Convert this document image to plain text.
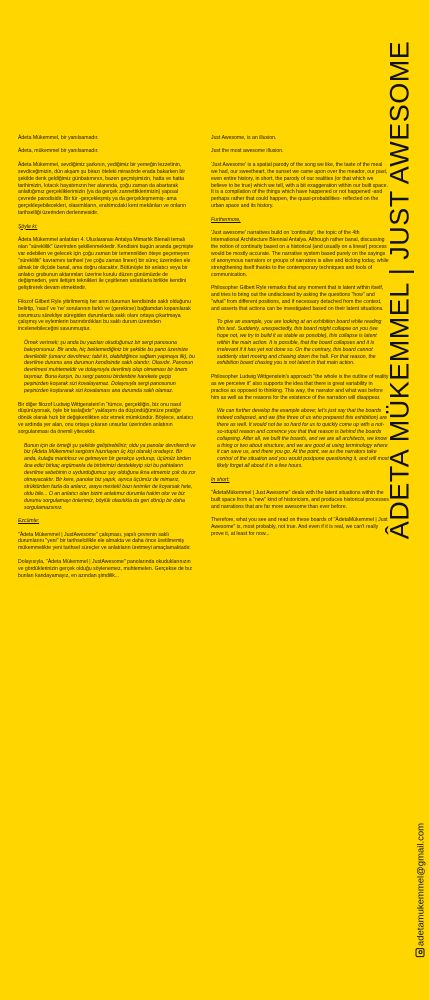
Âdeta Mükemmel, bir yanılsamadır.

Âdeta, mükemmel bir yanılsamadır.

Âdeta Mükemmel, sevdiğimiz şarkının, yediğimiz bir yemeğin lezzetinin, sevdiceğimizin, dün akşam şu birazı öteleki mirasörde erada bakarken bir şekilde denk geldiğimiz günbatımının, bazen geçmişimizin, hatta ve hatta tarihimizin, kıtacık hayatımızın her alanında, çoğu zaman da abartarak anlattığımız gerçekliklerimizin (ya da gerçek zannettiklerimizin) yapısal çevrede parodisidir. Bir tür -gerçekleşmiş ya da gerçekleşmemiş- ama gerçekleşebilecekleri, olasımlıların, erahimcdaki kent mekânları ve onların tarihselliği üzerinden derlenmesidir.

Şöyle ki:

Âdeta Mükemmel anlatıları 4. Uluslararası Antalya Mimarlık Bienali temalı olan "süreklilik" üzerinden şekillenmektedir. Kendisini bugün aranda geçmişte var edebilen ve gelecek için çoğu zaman bir temennilden öteye geçemeyen "süreklilik" kavramını tarihsel (ve çoğu zaman lineer) bir süreç üzerinden ele almak bir ölçüde banal, ama doğru olacaktır. Bütünüyle bir anlatıcı veya bir anlatıcı grubunun aktarımları üzerine kurulu düzen günümüzde de değişmeden, yeni iletişim teknikleri ile çeşitlenen anlatılarla birlikte kendini geliştirerek devam etmektedir.

Filozof Gilbert Ryle yitirilmemiş her anın durumun kendisinde saklı olduğunu belirtip, 'nasıl' ve 'ne' sorularının farklı ve (gerekirse) bağlamdan kopanılarak sorumuzu sürekliye süregiden durumlarda saklı olanı ortaya çıkartmaya çalışmış ve eylemlerin barındırdıkları bu saklı durum üzerinden incelenebileceğini savunmuştur.

Örnek verirsek; şu anda bu yazıları okuduğunuz bir sergi panosuna bakıyorsunuz. Bir anda, hiç beklemediğiniz bir şekilde bu pano üzerinize devrilebilir (umarız devrilmez; tabii ki, olabildiğince sağlam yapmaya ilk), bu devrilme durumu ana durumun kendisinde saklı olandır. Olasıdır. Panonun devrilmesi muhtemeldir ve dolayısıyla devrilmiş olup olmaması bir önem taşımaz. Buna karşın, bu sergi panosu birdenbire harekete geçip peşinizden koşarak sizi kovalayamaz. Dolayısıyla sergi panosunun peşinizden koşturarak sizi kovalaması ana durumda saklı olamaz.

Bir diğer filozof Ludwig Wittgenstein'ın "tümce, gerçekliğin, biz onu nasıl düşünüyorsak, öyle bir taslağıdır" yaklaşımı da düşündüğümüze pratiğe dönük olarak hızlı bir değişkenlikten söz etmek mümkündür. Böylece, anlatıcı ve ardında yer alan, onu ortaya çıkaran unsurlar üzerinden anlatının sorgulanması da önemli yitecektir.

Bunun için de örneği şu şekilde geliştirebiliriz; oldu ya panolar devrilverdi ve biz (Âdeta Mükemmel sergisini hazırlayan üç kişi olarak) oradayız. Bir anda, kulağa mantıksız ve gelmeyen bir gerekçe uydurup, üçümüz birden âna edici birkaç argümanla da birbirimizi destekleyip sizi bu pahtaların devrilme sebebinin o uydurduğumuz şey olduğuna ikna etmemiz çok da zor olmayacaktır. Bir kere, panolar biz yapık, ayrıca üçümüz de mimarız, strüktürden fazla da anlarız, araya meslekî bazı terimler de koyarsak hele, oldu bile... O an anlatıcı olan bizim anlatımız durumla hakim olur ve biz durumu sorgulamayı önlerimiz, böylük olasılıkla da geri dönüp bir daha sorgulamazsınız.

Ezcümle:

"Âdeta Mükemmel | JustAwesome" çalışması, yapılı çevrenin saklı durumlarını "yeni" bir tarihselcilikle ele almakta ve daha önce üretilmemiş mükemmelikte yeni tarihsel süreçler ve anlatıların üretmeyi amaçlamaktadır.

Dolayısıyla, "Âdeta Mükemmel | JustAwesome" panolarında okuduklarınızın ve gördüklerinizin gerçek olduğu söylenemez, muhtemelen. Gerçekse de bız bunları kandayamayız, en azından şimdilik...

Just Awesome, is an illusion.

Just the most awesome illusion.

'Just Awesome' is a spatial parody of the song we like, the taste of the meal we had, our sweetheart, the sunset we came upon over the meador, our past, even entire history, in short, the parody of our realities (or that which we believe to be true) which we tell, with a bit exaggeration within our built space. It is a compilation of the things which have happened or not happened -and perhaps rather that could happen, the quasi-probabilities- reflected on the urban space and its history.

Furthermore,

'Just awesome' narratives build on 'continuity', the topic of the 4th International Architecture Biennial Antalya. Although rather banal, discussing the notion of continuity based on a historical (and usually on a linear) process would be mostly accurate. The narrative system based purely on the sayings of anonymous narrators or groups of narrators is alive and kicking today, while strengthening itself thanks to the contemporary techniques and tools of communication.

Philosopher Gilbert Ryle remarks that any moment that is latent within itself, and tries to bring out the undisclosed by asking the questions "how" and "what" from different positions, and if necessary detached from the context, and asserts that actions can be investigated based on their latent situations.

To give an example, you are looking at an exhibition board while reading this text. Suddenly, unexpectedly, this board might collapse on you (we hope not, we try to build it as stable as possible), this collapse is latent within the main action. It is possible, that the board collapses and it is irrelevant if it has yet not done so. On the contrary, this board cannot suddenly start moving and chasing down the hall. For that reason, the exhibition board chasing you is not latent in that main action.

Philosopher Ludwig Wittgenstein's approach "the whole is the outline of reality as we perceive it" also supports the idea that there is great variability in practice as opposed to thinking. This way, the narrator and what was before him as well as the reasons for the existence of the narration will disappear.

We can further develop the example above; let's just say that the boards indeed collapsed, and we (the three of us who prepared this exhibition) are there as well. It would not be so hard for us to quickly come up with a not-so-stupid reason and convince you that that reason is behind the boards collapsing. After all, we built the boards, and we are all architects, we know a thing or two about structure, and we are good at using terminology where it can save us, and there you go. At the point, we as the narrators take control of the situation and you would postpone questioning it, and will most likely forget all about it in a few hours.

In short:

"ÂdetaMükemmel | Just Awesome" deals with the latent situations within the built space from a "new" kind of historicism, and produces historical processes and narrations that are far more awesome than ever before.

Therefore, what you see and read on these boards of "ÂdetaMükemmel | Just Awesome" is, most probably, not true. And even if it is real, we can't really prove it, at least for now...	ÂDETA MÜKEMMEL | JUST AWESOME
adetamukemmel@gmail.com
